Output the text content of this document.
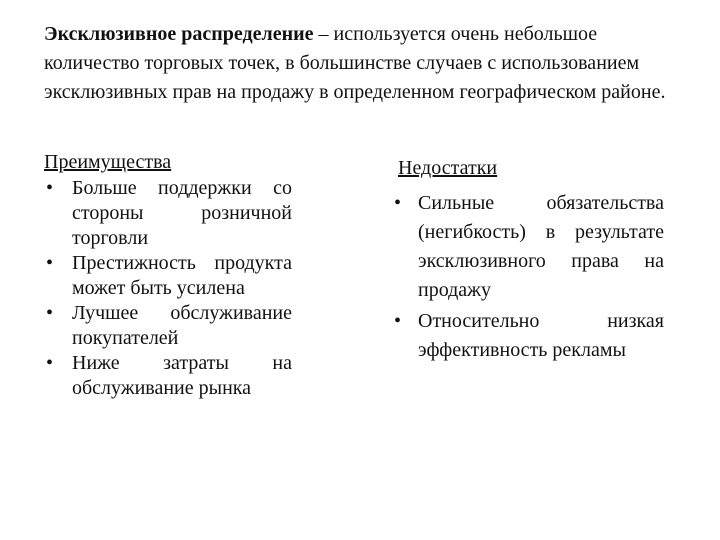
Эксклюзивное распределение – используется очень небольшое количество торговых точек, в большинстве случаев с использованием эксклюзивных прав на продажу в определенном географическом районе.
Преимущества
• Больше поддержки со стороны розничной торговли
• Престижность продукта может быть усилена
• Лучшее обслуживание покупателей
• Ниже затраты на обслуживание рынка
Недостатки
• Сильные обязательства (негибкость) в результате эксклюзивного права на продажу
• Относительно низкая эффективность рекламы
